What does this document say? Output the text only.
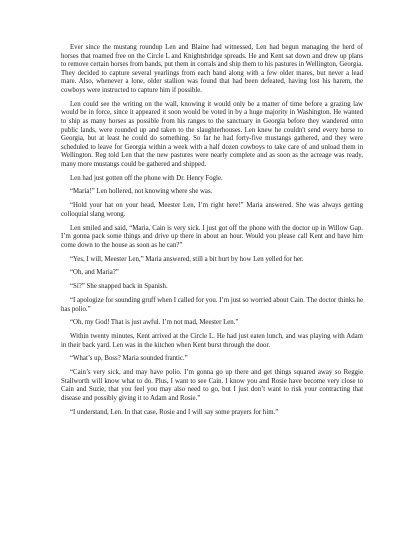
Ever since the mustang roundup Len and Blaine had witnessed, Len had begun managing the herd of horses that roamed free on the Circle L and Knightsbridge spreads. He and Kent sat down and drew up plans to remove certain horses from bands, put them in corrals and ship them to his pastures in Wellington, Georgia. They decided to capture several yearlings from each band along with a few older mares, but never a lead mare. Also, whenever a lone, older stallion was found that had been defeated, having lost his harem, the cowboys were instructed to capture him if possible.

Len could see the writing on the wall, knowing it would only be a matter of time before a grazing law would be in force, since it appeared it soon would be voted in by a huge majority in Washington. He wanted to ship as many horses as possible from his ranges to the sanctuary in Georgia before they wandered onto public lands, were rounded up and taken to the slaughterhouses. Len knew he couldn't send every horse to Georgia, but at least he could do something. So far he had forty-five mustangs gathered, and they were scheduled to leave for Georgia within a week with a half dozen cowboys to take care of and unload them in Wellington. Reg told Len that the new pastures were nearly complete and as soon as the acreage was ready, many more mustangs could be gathered and shipped.

Len had just gotten off the phone with Dr. Henry Fogle.

“Maria!” Len hollered, not knowing where she was.

“Hold your hat on your head, Meester Len, I’m right here!” Maria answered. She was always getting colloquial slang wrong.

Len smiled and said, “Maria, Cain is very sick. I just got off the phone with the doctor up in Willow Gap. I’m gonna pack some things and drive up there in about an hour. Would you please call Kent and have him come down to the house as soon as he can?”

“Yes, I will, Meester Len,” Maria answered, still a bit hurt by how Len yelled for her.

“Oh, and Maria?”

“Sí?” She snapped back in Spanish.

“I apologize for sounding gruff when I called for you. I’m just so worried about Cain. The doctor thinks he has polio.”

“Oh, my God! That is just awful. I’m not mad, Meester Len.”

Within twenty minutes, Kent arrived at the Circle L. He had just eaten lunch, and was playing with Adam in their back yard. Len was in the kitchen when Kent burst through the door.

“What’s up, Boss? Maria sounded frantic.”

“Cain’s very sick, and may have polio. I’m gonna go up there and get things squared away so Reggie Stallworth will know what to do. Plus, I want to see Cain. I know you and Rosie have become very close to Cain and Suzie, that you feel you may also need to go, but I just don’t want to risk your contracting that disease and possibly giving it to Adam and Rosie.”

“I understand, Len. In that case, Rosie and I will say some prayers for him.”
